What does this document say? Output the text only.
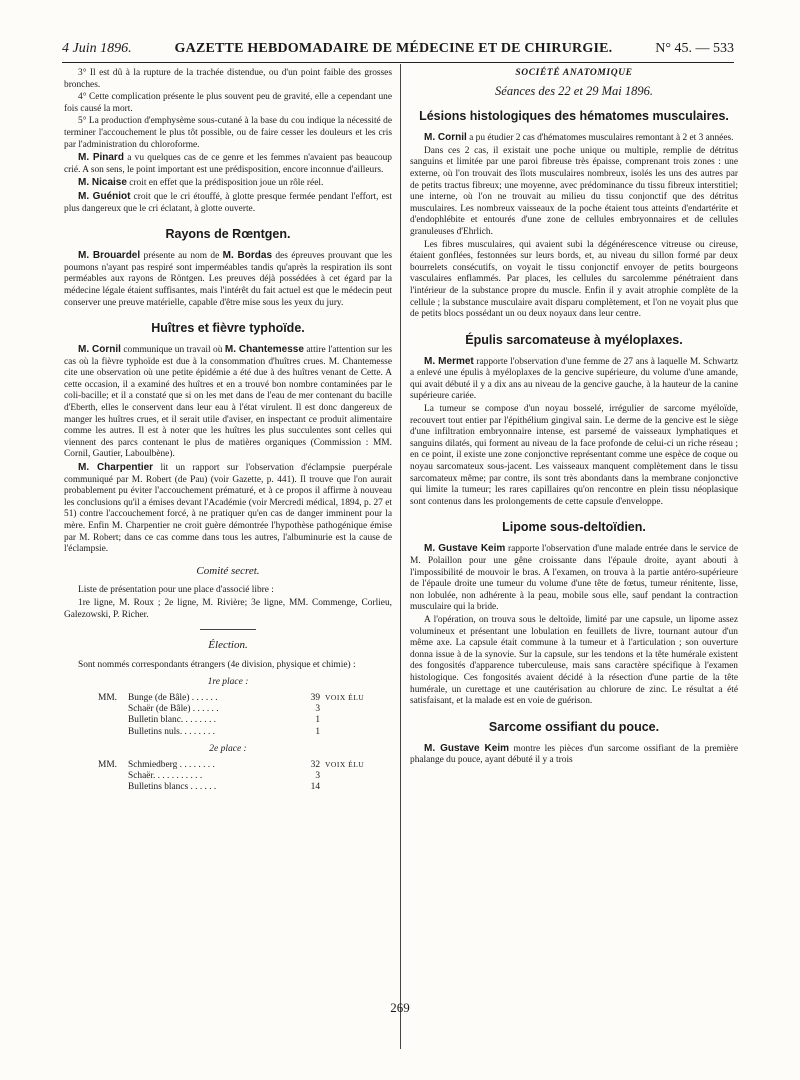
4 Juin 1896.	GAZETTE HEBDOMADAIRE DE MÉDECINE ET DE CHIRURGIE.	N° 45. — 533

3° Il est dû à la rupture de la trachée distendue, ou d'un point faible des grosses bronches.

4° Cette complication présente le plus souvent peu de gravité, elle a cependant une fois causé la mort.

5° La production d'emphysème sous-cutané à la base du cou indique la nécessité de terminer l'accouchement le plus tôt possible, ou de faire cesser les douleurs et les cris par l'administration du chloroforme.

M. Pinard a vu quelques cas de ce genre et les femmes n'avaient pas beaucoup crié. A son sens, le point important est une prédisposition, encore inconnue d'ailleurs.

M. Nicaise croit en effet que la prédisposition joue un rôle réel.

M. Guéniot croit que le cri étouffé, à glotte presque fermée pendant l'effort, est plus dangereux que le cri éclatant, à glotte ouverte.

Rayons de Rœntgen.

M. Brouardel présente au nom de M. Bordas des épreuves prouvant que les poumons n'ayant pas respiré sont imperméables tandis qu'après la respiration ils sont perméables aux rayons de Röntgen. Les preuves déjà possédées à cet égard par la médecine légale étaient suffisantes, mais l'intérêt du fait actuel est que le médecin peut conserver une preuve matérielle, capable d'être mise sous les yeux du jury.

Huîtres et fièvre typhoïde.

M. Cornil communique un travail où M. Chantemesse attire l'attention sur les cas où la fièvre typhoïde est due à la consommation d'huîtres crues. M. Chantemesse cite une observation où une petite épidémie a été due à des huîtres venant de Cette. A cette occasion, il a examiné des huîtres et en a trouvé bon nombre contaminées par le coli-bacille; et il a constaté que si on les met dans de l'eau de mer contenant du bacille d'Eberth, elles le conservent dans leur eau à l'état virulent. Il est donc dangereux de manger les huîtres crues, et il serait utile d'aviser, en inspectant ce produit alimentaire comme les autres. Il est à noter que les huîtres les plus succulentes sont celles qui viennent des parcs contenant le plus de matières organiques (Commission : MM. Cornil, Gautier, Laboulbène).

M. Charpentier lit un rapport sur l'observation d'éclampsie puerpérale communiqué par M. Robert (de Pau) (voir Gazette, p. 441). Il trouve que l'on aurait probablement pu éviter l'accouchement prématuré, et à ce propos il affirme à nouveau les conclusions qu'il a émises devant l'Académie (voir Mercredi médical, 1894, p. 27 et 51) contre l'accouchement forcé, à ne pratiquer qu'en cas de danger imminent pour la mère. Enfin M. Charpentier ne croit guère démontrée l'hypothèse pathogénique émise par M. Robert; dans ce cas comme dans tous les autres, l'albuminurie est la cause de l'éclampsie.

Comité secret.

Liste de présentation pour une place d'associé libre :

1re ligne, M. Roux ; 2e ligne, M. Rivière; 3e ligne, MM. Commenge, Corlieu, Galezowski, P. Richer.

Élection.

Sont nommés correspondants étrangers (4e division, physique et chimie) :

1re place :
MM.	Bunge (de Bâle) . . . . . .	39 VOIX ÉLU
Schaër (de Bâle) . . . . . .	3
Bulletin blanc. . . . . . . .	1
Bulletins nuls. . . . . . . .	1
2e place :
MM.	Schmiedberg . . . . . . . .	32 VOIX ÉLU
Schaër. . . . . . . . . . .	3
Bulletins blancs . . . . . .	14
SOCIÉTÉ ANATOMIQUE
Séances des 22 et 29 Mai 1896.
Lésions histologiques des hématomes musculaires.

M. Cornil a pu étudier 2 cas d'hématomes musculaires remontant à 2 et 3 années.

Dans ces 2 cas, il existait une poche unique ou multiple, remplie de détritus sanguins et limitée par une paroi fibreuse très épaisse, comprenant trois zones : une externe, où l'on trouvait des îlots musculaires nombreux, isolés les uns des autres par de petits tractus fibreux; une moyenne, avec prédominance du tissu fibreux interstitiel; une interne, où l'on ne trouvait au milieu du tissu conjonctif que des détritus musculaires. Les nombreux vaisseaux de la poche étaient tous atteints d'endartérite et d'endophlébite et entourés d'une zone de cellules embryonnaires et de cellules granuleuses d'Ehrlich.

Les fibres musculaires, qui avaient subi la dégénérescence vitreuse ou cireuse, étaient gonflées, festonnées sur leurs bords, et, au niveau du sillon formé par deux bourrelets consécutifs, on voyait le tissu conjonctif envoyer de petits bourgeons vasculaires enflammés. Par places, les cellules du sarcolemme pénétraient dans l'intérieur de la substance propre du muscle. Enfin il y avait atrophie complète de la cellule ; la substance musculaire avait disparu complètement, et l'on ne voyait plus que de petits blocs possédant un ou deux noyaux dans leur centre.

Épulis sarcomateuse à myéloplaxes.

M. Mermet rapporte l'observation d'une femme de 27 ans à laquelle M. Schwartz a enlevé une épulis à myéloplaxes de la gencive supérieure, du volume d'une amande, qui avait débuté il y a dix ans au niveau de la gencive gauche, à la hauteur de la canine supérieure cariée.

La tumeur se compose d'un noyau bosselé, irrégulier de sarcome myéloïde, recouvert tout entier par l'épithélium gingival sain. Le derme de la gencive est le siège d'une infiltration embryonnaire intense, est parsemé de vaisseaux lymphatiques et sanguins dilatés, qui forment au niveau de la face profonde de celui-ci un riche réseau ; en ce point, il existe une zone conjonctive représentant comme une espèce de coque ou noyau sarcomateux sous-jacent. Les vaisseaux manquent complètement dans le tissu sarcomateux même; par contre, ils sont très abondants dans la membrane conjonctive qui limite la tumeur; les rares capillaires qu'on rencontre en plein tissu néoplasique sont contenus dans les prolongements de cette capsule d'enveloppe.

Lipome sous-deltoïdien.

M. Gustave Keim rapporte l'observation d'une malade entrée dans le service de M. Polaillon pour une gêne croissante dans l'épaule droite, ayant abouti à l'impossibilité de mouvoir le bras. A l'examen, on trouva à la partie antéro-supérieure de l'épaule droite une tumeur du volume d'une tête de fœtus, tumeur rénitente, lisse, non lobulée, non adhérente à la peau, mobile sous elle, sauf pendant la contraction musculaire qui la bride.

A l'opération, on trouva sous le deltoïde, limité par une capsule, un lipome assez volumineux et présentant une lobulation en feuillets de livre, tournant autour d'un même axe. La capsule était commune à la tumeur et à l'articulation ; son ouverture donna issue à de la synovie. Sur la capsule, sur les tendons et la tête humérale existent des fongosités d'apparence tuberculeuse, mais sans caractère spécifique à l'examen histologique. Ces fongosités avaient décidé à la résection d'une partie de la tête humérale, un curettage et une cautérisation au chlorure de zinc. Le résultat a été satisfaisant, et la malade est en voie de guérison.

Sarcome ossifiant du pouce.

M. Gustave Keim montre les pièces d'un sarcome ossifiant de la première phalange du pouce, ayant débuté il y a trois

269
